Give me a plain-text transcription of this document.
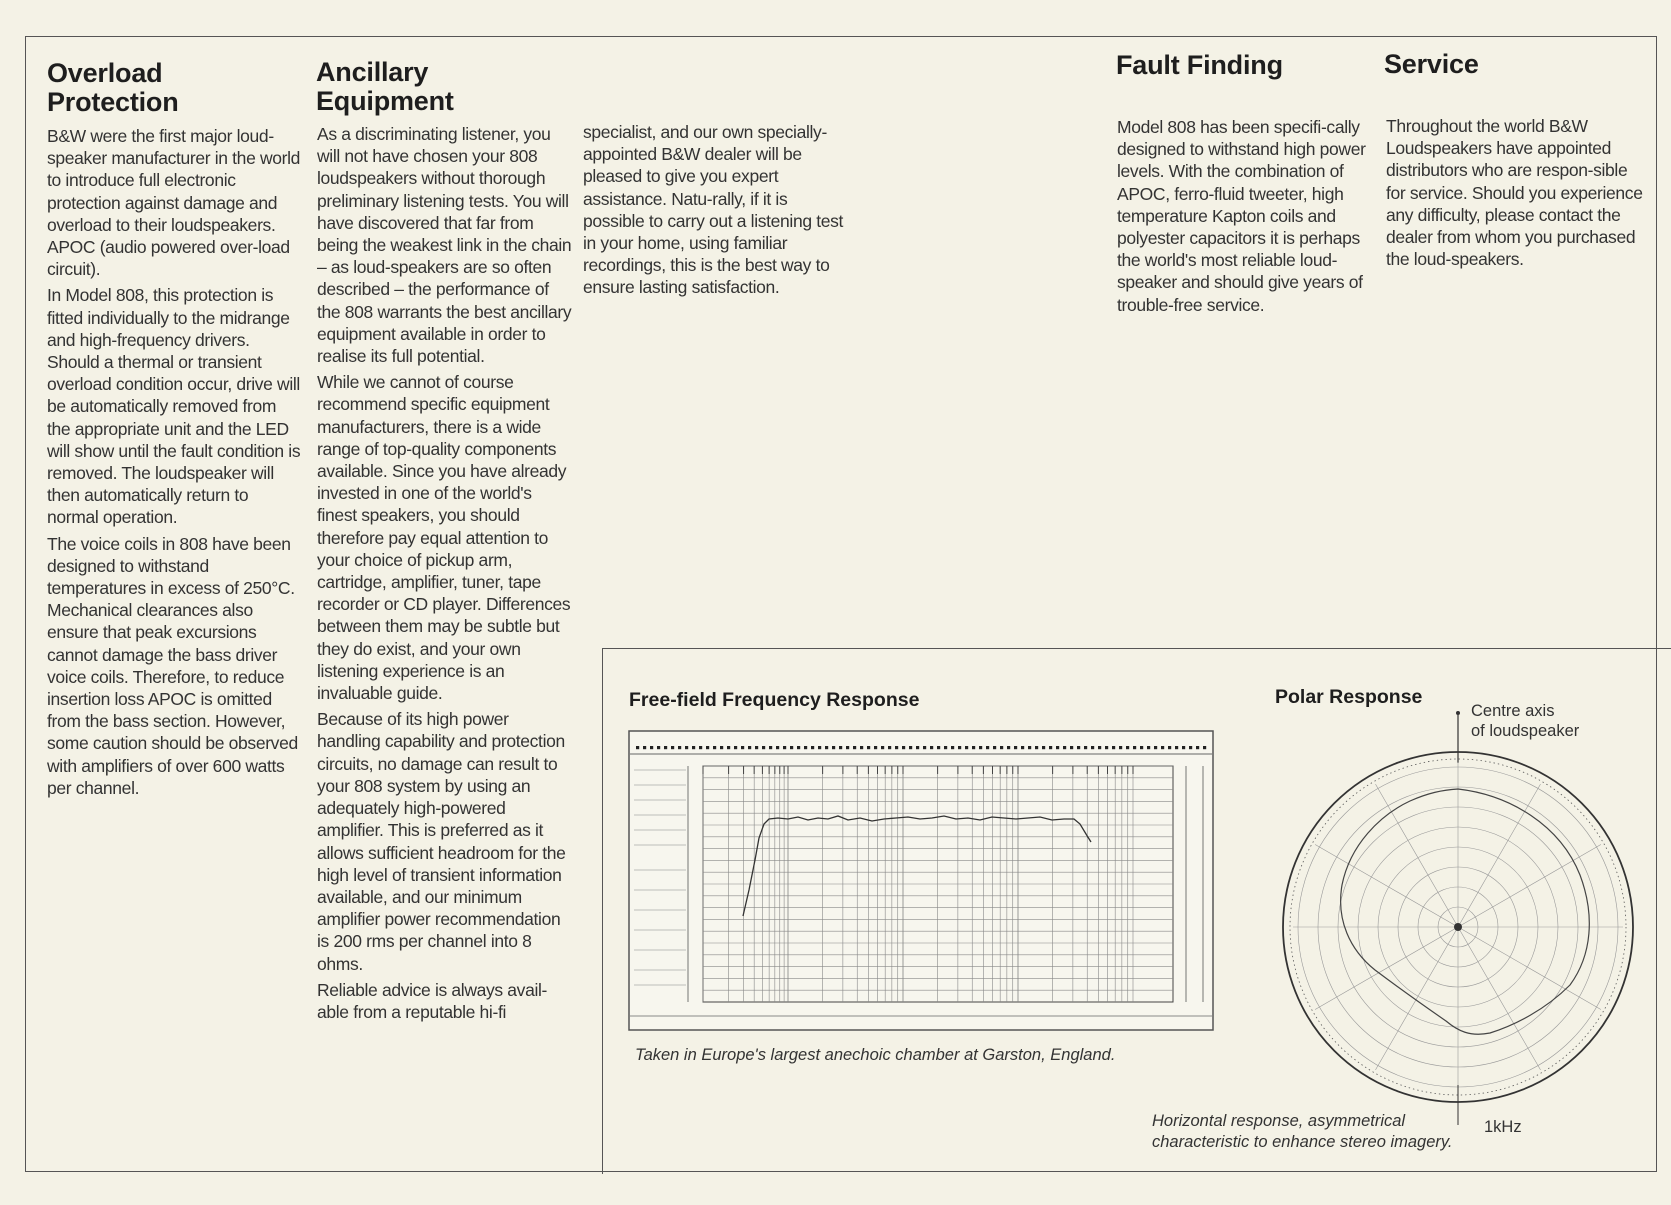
Overload
Protection

B&W were the first major loud-speaker manufacturer in the world to introduce full electronic protection against damage and overload to their loudspeakers. APOC (audio powered over-load circuit).

In Model 808, this protection is fitted individually to the midrange and high-frequency drivers. Should a thermal or transient overload condition occur, drive will be automatically removed from the appropriate unit and the LED will show until the fault condition is removed. The loudspeaker will then automatically return to normal operation.

The voice coils in 808 have been designed to withstand temperatures in excess of 250°C. Mechanical clearances also ensure that peak excursions cannot damage the bass driver voice coils. Therefore, to reduce insertion loss APOC is omitted from the bass section. However, some caution should be observed with amplifiers of over 600 watts per channel.

Ancillary
Equipment

As a discriminating listener, you will not have chosen your 808 loudspeakers without thorough preliminary listening tests. You will have discovered that far from being the weakest link in the chain – as loud-speakers are so often described – the performance of the 808 warrants the best ancillary equipment available in order to realise its full potential.

While we cannot of course recommend specific equipment manufacturers, there is a wide range of top-quality components available. Since you have already invested in one of the world's finest speakers, you should therefore pay equal attention to your choice of pickup arm, cartridge, amplifier, tuner, tape recorder or CD player. Differences between them may be subtle but they do exist, and your own listening experience is an invaluable guide.

Because of its high power handling capability and protection circuits, no damage can result to your 808 system by using an adequately high-powered amplifier. This is preferred as it allows sufficient headroom for the high level of transient information available, and our minimum amplifier power recommendation is 200 rms per channel into 8 ohms.

Reliable advice is always avail-able from a reputable hi-fi

specialist, and our own specially-appointed B&W dealer will be pleased to give you expert assistance. Natu-rally, if it is possible to carry out a listening test in your home, using familiar recordings, this is the best way to ensure lasting satisfaction.

Fault Finding

Model 808 has been specifi-cally designed to withstand high power levels. With the combination of APOC, ferro-fluid tweeter, high temperature Kapton coils and polyester capacitors it is perhaps the world's most reliable loud-speaker and should give years of trouble-free service.

Service

Throughout the world B&W Loudspeakers have appointed distributors who are respon-sible for service. Should you experience any difficulty, please contact the dealer from whom you purchased the loud-speakers.

Free-field Frequency Response
Taken in Europe's largest anechoic chamber at Garston, England.
Polar Response
Centre axis
of loudspeaker
Horizontal response, asymmetrical
characteristic to enhance stereo imagery.
1kHz
